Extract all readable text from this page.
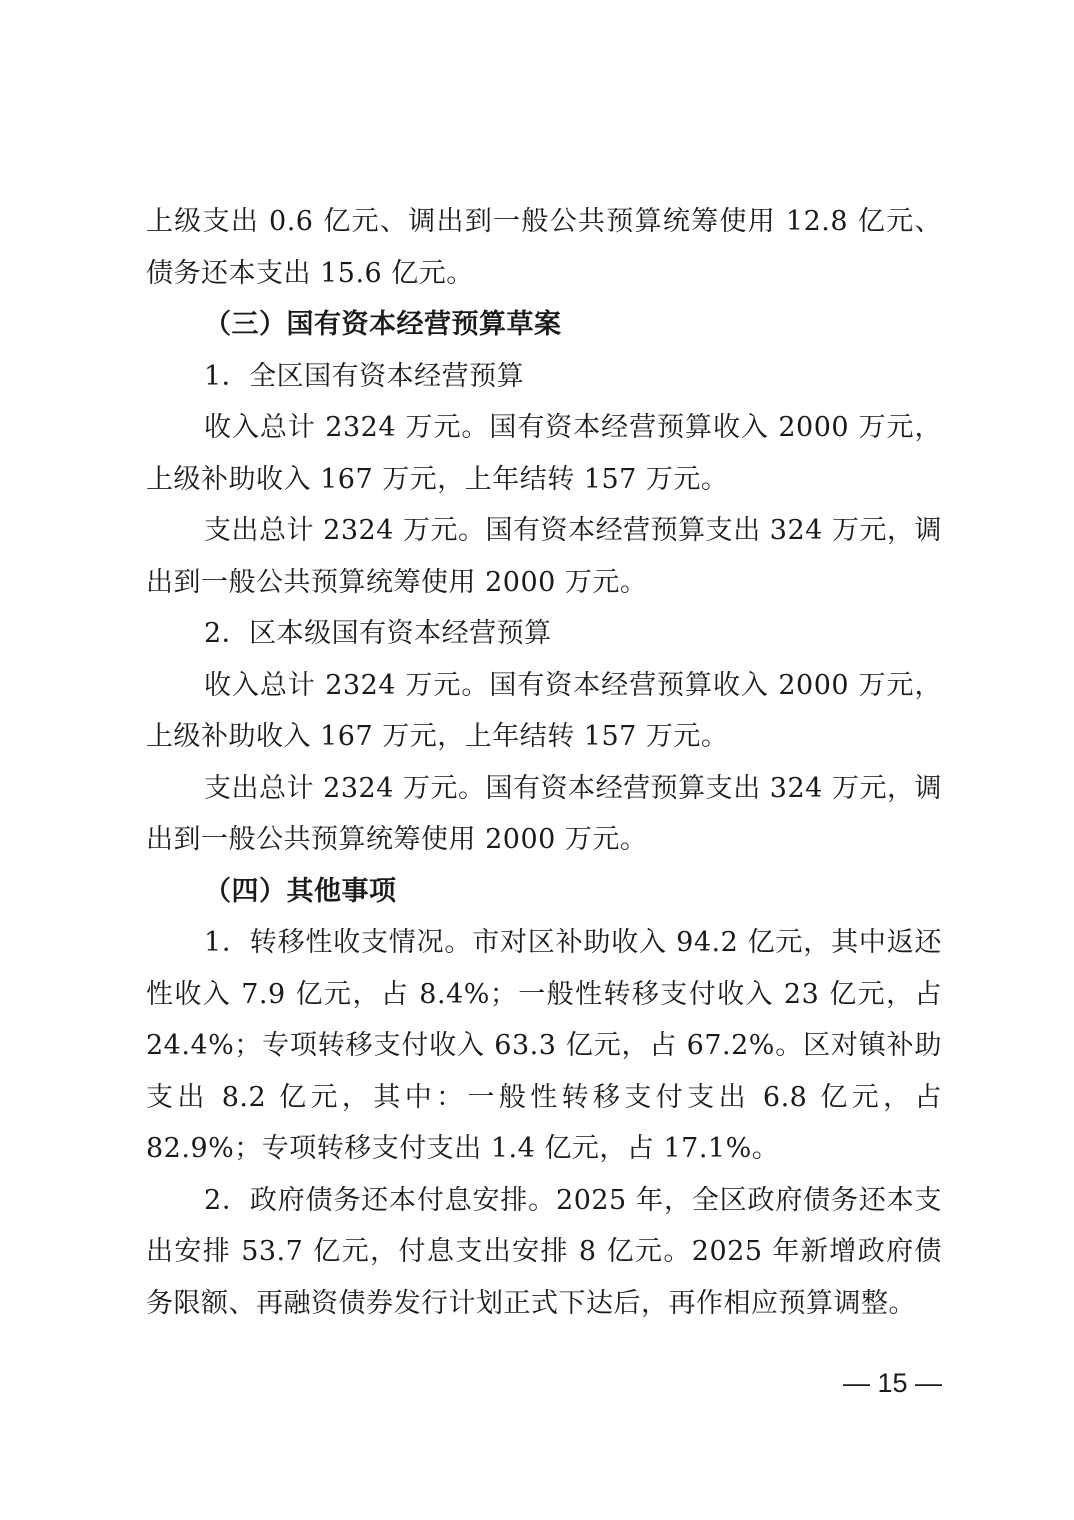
上级支出 0.6 亿元、调出到一般公共预算统筹使用 12.8 亿元、债务还本支出 15.6 亿元。

（三）国有资本经营预算草案

1．全区国有资本经营预算

收入总计 2324 万元。国有资本经营预算收入 2000 万元，上级补助收入 167 万元，上年结转 157 万元。

支出总计 2324 万元。国有资本经营预算支出 324 万元，调出到一般公共预算统筹使用 2000 万元。

2．区本级国有资本经营预算

收入总计 2324 万元。国有资本经营预算收入 2000 万元，上级补助收入 167 万元，上年结转 157 万元。

支出总计 2324 万元。国有资本经营预算支出 324 万元，调出到一般公共预算统筹使用 2000 万元。

（四）其他事项

1．转移性收支情况。市对区补助收入 94.2 亿元，其中返还性收入 7.9 亿元，占 8.4%；一般性转移支付收入 23 亿元，占 24.4%；专项转移支付收入 63.3 亿元，占 67.2%。区对镇补助支出 8.2 亿元，其中：一般性转移支付支出 6.8 亿元，占 82.9%；专项转移支付支出 1.4 亿元，占 17.1%。

2．政府债务还本付息安排。2025 年，全区政府债务还本支出安排 53.7 亿元，付息支出安排 8 亿元。2025 年新增政府债务限额、再融资债券发行计划正式下达后，再作相应预算调整。

— 15 —
